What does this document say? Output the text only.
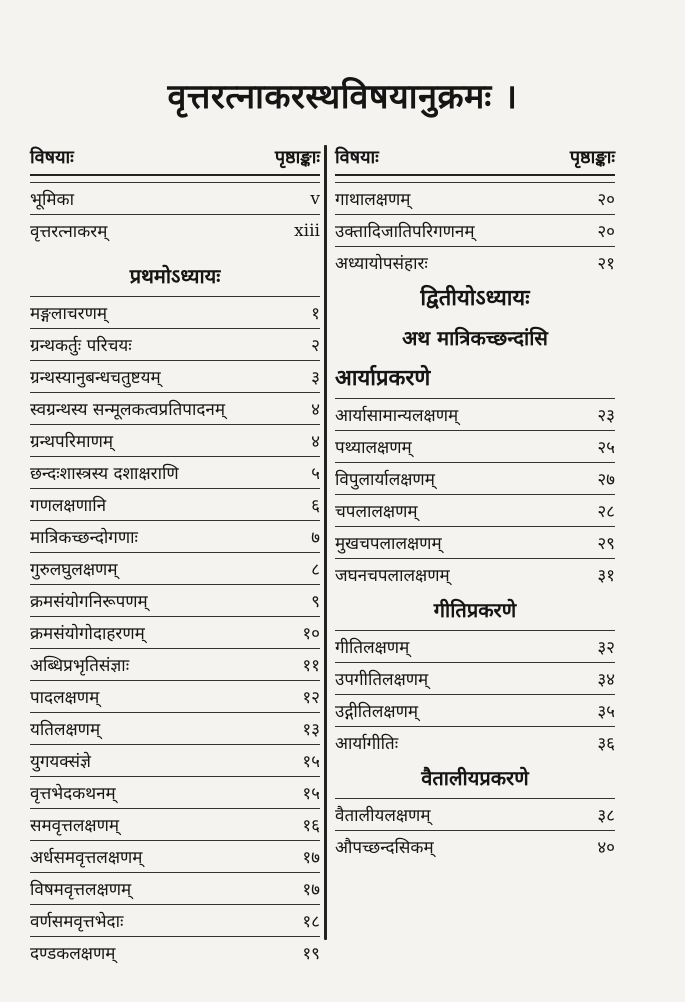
वृत्तरत्नाकरस्थविषयानुक्रमः ।
विषयाः	पृष्ठाङ्काः
भूमिका	v
वृत्तरत्नाकरम्	xiii
प्रथमोऽध्यायः
मङ्गलाचरणम्	१
ग्रन्थकर्तुः परिचयः	२
ग्रन्थस्यानुबन्धचतुष्टयम्	३
स्वग्रन्थस्य सन्मूलकत्वप्रतिपादनम्	४
ग्रन्थपरिमाणम्	४
छन्दःशास्त्रस्य दशाक्षराणि	५
गणलक्षणानि	६
मात्रिकच्छन्दोगणाः	७
गुरुलघुलक्षणम्	८
क्रमसंयोगनिरूपणम्	९
क्रमसंयोगोदाहरणम्	१०
अब्धिप्रभृतिसंज्ञाः	११
पादलक्षणम्	१२
यतिलक्षणम्	१३
युगयक्संज्ञे	१५
वृत्तभेदकथनम्	१५
समवृत्तलक्षणम्	१६
अर्धसमवृत्तलक्षणम्	१७
विषमवृत्तलक्षणम्	१७
वर्णसमवृत्तभेदाः	१८
दण्डकलक्षणम्	१९
विषयाः	पृष्ठाङ्काः
गाथालक्षणम्	२०
उक्तादिजातिपरिगणनम्	२०
अध्यायोपसंहारः	२१
द्वितीयोऽध्यायः
अथ मात्रिकच्छन्दांसि
आर्याप्रकरणे
आर्यासामान्यलक्षणम्	२३
पथ्यालक्षणम्	२५
विपुलार्यालक्षणम्	२७
चपलालक्षणम्	२८
मुखचपलालक्षणम्	२९
जघनचपलालक्षणम्	३१
गीतिप्रकरणे
गीतिलक्षणम्	३२
उपगीतिलक्षणम्	३४
उद्गीतिलक्षणम्	३५
आर्यागीतिः	३६
वैतालीयप्रकरणे
वैतालीयलक्षणम्	३८
औपच्छन्दसिकम्	४०
